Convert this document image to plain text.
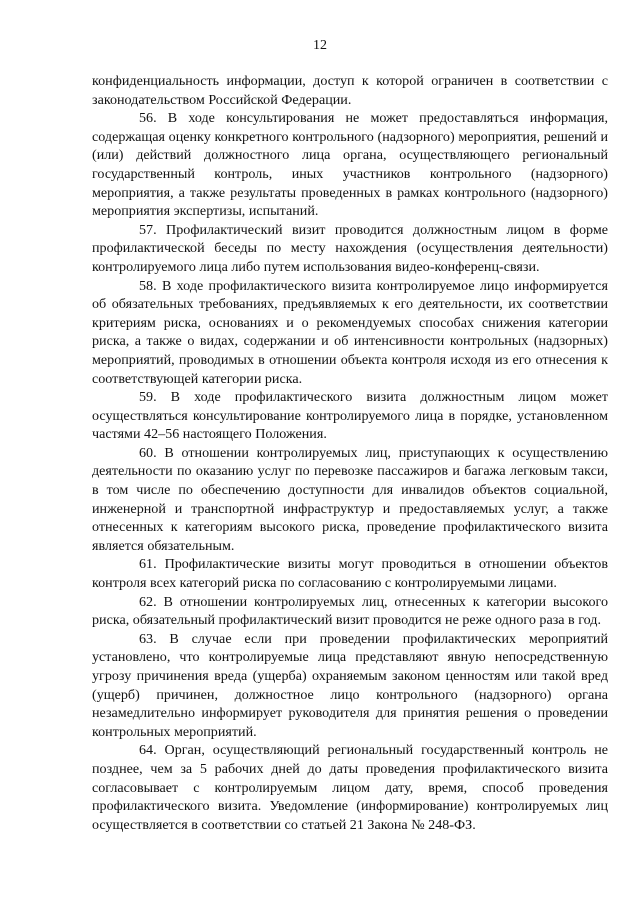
12

конфиденциальность информации, доступ к которой ограничен в соответствии с законодательством Российской Федерации.

56. В ходе консультирования не может предоставляться информация, содержащая оценку конкретного контрольного (надзорного) мероприятия, решений и (или) действий должностного лица органа, осуществляющего региональный государственный контроль, иных участников контрольного (надзорного) мероприятия, а также результаты проведенных в рамках контрольного (надзорного) мероприятия экспертизы, испытаний.

57. Профилактический визит проводится должностным лицом в форме профилактической беседы по месту нахождения (осуществления деятельности) контролируемого лица либо путем использования видео-конференц-связи.

58. В ходе профилактического визита контролируемое лицо информируется об обязательных требованиях, предъявляемых к его деятельности, их соответствии критериям риска, основаниях и о рекомендуемых способах снижения категории риска, а также о видах, содержании и об интенсивности контрольных (надзорных) мероприятий, проводимых в отношении объекта контроля исходя из его отнесения к соответствующей категории риска.

59. В ходе профилактического визита должностным лицом может осуществляться консультирование контролируемого лица в порядке, установленном частями 42–56 настоящего Положения.

60. В отношении контролируемых лиц, приступающих к осуществлению деятельности по оказанию услуг по перевозке пассажиров и багажа легковым такси, в том числе по обеспечению доступности для инвалидов объектов социальной, инженерной и транспортной инфраструктур и предоставляемых услуг, а также отнесенных к категориям высокого риска, проведение профилактического визита является обязательным.

61. Профилактические визиты могут проводиться в отношении объектов контроля всех категорий риска по согласованию с контролируемыми лицами.

62. В отношении контролируемых лиц, отнесенных к категории высокого риска, обязательный профилактический визит проводится не реже одного раза в год.

63. В случае если при проведении профилактических мероприятий установлено, что контролируемые лица представляют явную непосредственную угрозу причинения вреда (ущерба) охраняемым законом ценностям или такой вред (ущерб) причинен, должностное лицо контрольного (надзорного) органа незамедлительно информирует руководителя для принятия решения о проведении контрольных мероприятий.

64. Орган, осуществляющий региональный государственный контроль не позднее, чем за 5 рабочих дней до даты проведения профилактического визита согласовывает с контролируемым лицом дату, время, способ проведения профилактического визита. Уведомление (информирование) контролируемых лиц осуществляется в соответствии со статьей 21 Закона № 248-ФЗ.
